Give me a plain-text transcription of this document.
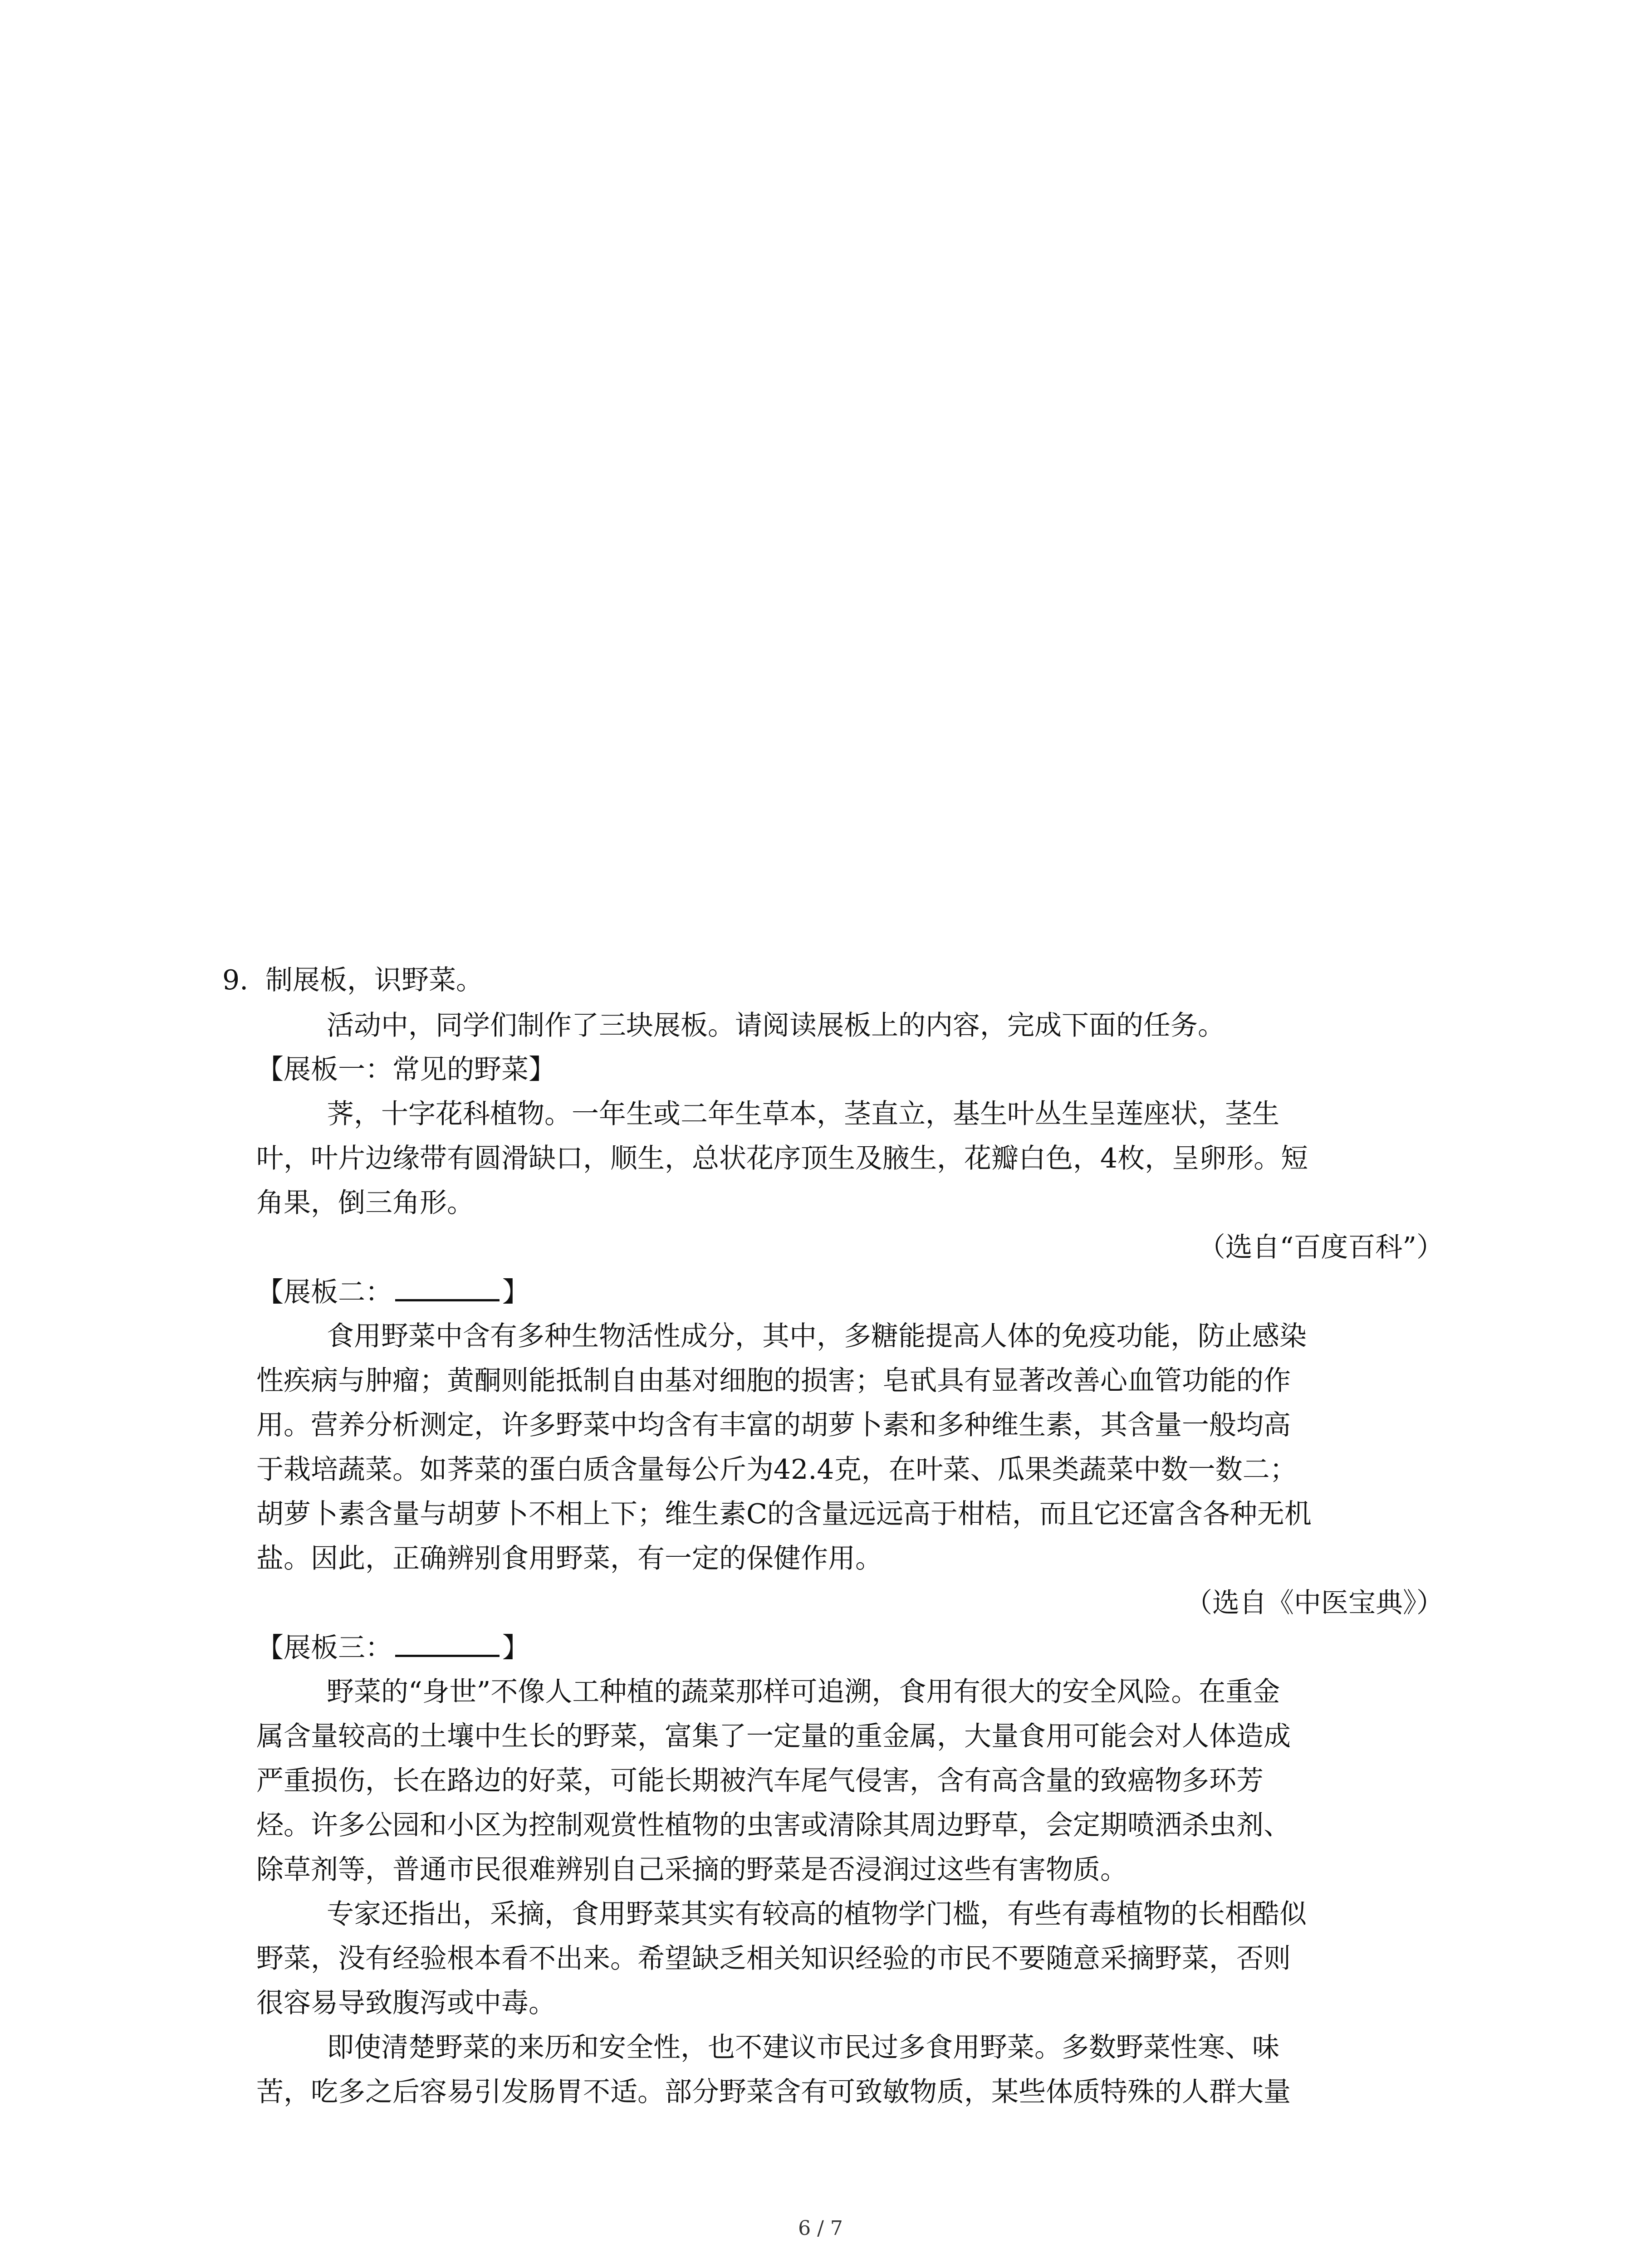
9. 制展板，识野菜。
活动中，同学们制作了三块展板。请阅读展板上的内容，完成下面的任务。
【展板一：常见的野菜】
荠，十字花科植物。一年生或二年生草本，茎直立，基生叶丛生呈莲座状，茎生
叶，叶片边缘带有圆滑缺口，顺生，总状花序顶生及腋生，花瓣白色，4枚，呈卵形。短
角果，倒三角形。
（选自“百度百科”）
【展板二：	】
食用野菜中含有多种生物活性成分，其中，多糖能提高人体的免疫功能，防止感染
性疾病与肿瘤；黄酮则能抵制自由基对细胞的损害；皂甙具有显著改善心血管功能的作
用。营养分析测定，许多野菜中均含有丰富的胡萝卜素和多种维生素，其含量一般均高
于栽培蔬菜。如荠菜的蛋白质含量每公斤为42.4克，在叶菜、瓜果类蔬菜中数一数二；
胡萝卜素含量与胡萝卜不相上下；维生素C的含量远远高于柑桔，而且它还富含各种无机
盐。因此，正确辨别食用野菜，有一定的保健作用。
（选自《中医宝典》）
【展板三：	】
野菜的“身世”不像人工种植的蔬菜那样可追溯，食用有很大的安全风险。在重金
属含量较高的土壤中生长的野菜，富集了一定量的重金属，大量食用可能会对人体造成
严重损伤，长在路边的好菜，可能长期被汽车尾气侵害，含有高含量的致癌物多环芳
烃。许多公园和小区为控制观赏性植物的虫害或清除其周边野草，会定期喷洒杀虫剂、
除草剂等，普通市民很难辨别自己采摘的野菜是否浸润过这些有害物质。
专家还指出，采摘，食用野菜其实有较高的植物学门槛，有些有毒植物的长相酷似
野菜，没有经验根本看不出来。希望缺乏相关知识经验的市民不要随意采摘野菜，否则
很容易导致腹泻或中毒。
即使清楚野菜的来历和安全性，也不建议市民过多食用野菜。多数野菜性寒、味
苦，吃多之后容易引发肠胃不适。部分野菜含有可致敏物质，某些体质特殊的人群大量
6 / 7
